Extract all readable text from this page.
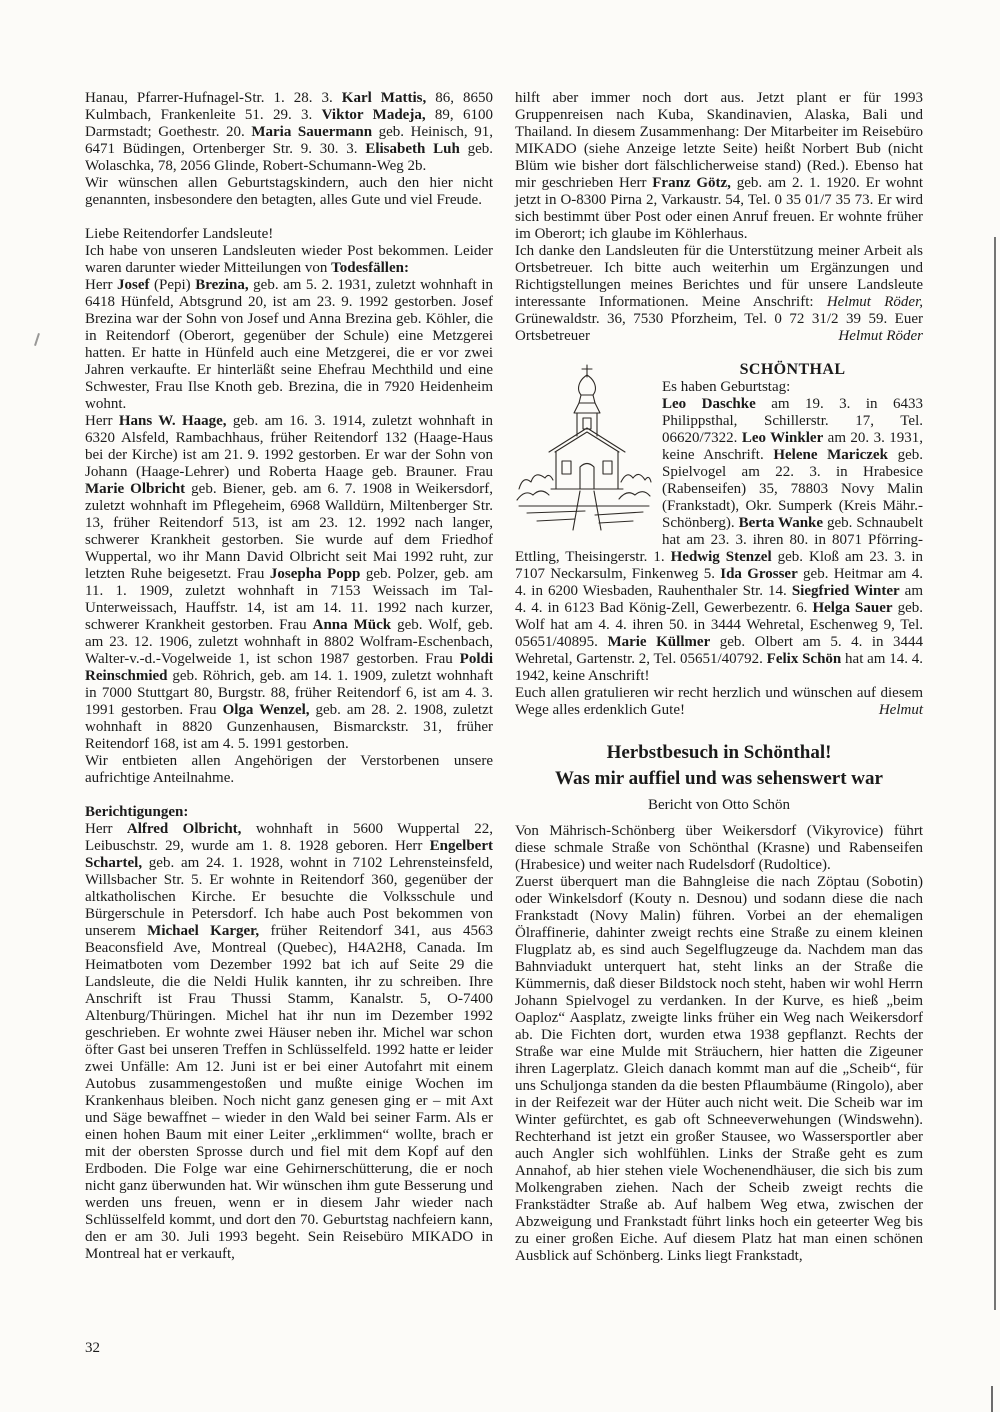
Hanau, Pfarrer-Hufnagel-Str. 1. 28. 3. Karl Mattis, 86, 8650 Kulmbach, Frankenleite 51. 29. 3. Viktor Madeja, 89, 6100 Darmstadt; Goethestr. 20. Maria Sauermann geb. Heinisch, 91, 6471 Büdingen, Ortenberger Str. 9. 30. 3. Elisabeth Luh geb. Wolaschka, 78, 2056 Glinde, Robert-Schumann-Weg 2b.

Wir wünschen allen Geburtstagskindern, auch den hier nicht genannten, insbesondere den betagten, alles Gute und viel Freude.

Liebe Reitendorfer Landsleute!

Ich habe von unseren Landsleuten wieder Post bekommen. Leider waren darunter wieder Mitteilungen von Todesfällen:

Herr Josef (Pepi) Brezina, geb. am 5. 2. 1931, zuletzt wohnhaft in 6418 Hünfeld, Abtsgrund 20, ist am 23. 9. 1992 gestorben. Josef Brezina war der Sohn von Josef und Anna Brezina geb. Köhler, die in Reitendorf (Oberort, gegenüber der Schule) eine Metzgerei hatten. Er hatte in Hünfeld auch eine Metzgerei, die er vor zwei Jahren verkaufte. Er hinterläßt seine Ehefrau Mechthild und eine Schwester, Frau Ilse Knoth geb. Brezina, die in 7920 Heidenheim wohnt.

Herr Hans W. Haage, geb. am 16. 3. 1914, zuletzt wohnhaft in 6320 Alsfeld, Rambachhaus, früher Reitendorf 132 (Haage-Haus bei der Kirche) ist am 21. 9. 1992 gestorben. Er war der Sohn von Johann (Haage-Lehrer) und Roberta Haage geb. Brauner. Frau Marie Olbricht geb. Biener, geb. am 6. 7. 1908 in Weikersdorf, zuletzt wohnhaft im Pflegeheim, 6968 Walldürn, Miltenberger Str. 13, früher Reitendorf 513, ist am 23. 12. 1992 nach langer, schwerer Krankheit gestorben. Sie wurde auf dem Friedhof Wuppertal, wo ihr Mann David Olbricht seit Mai 1992 ruht, zur letzten Ruhe beigesetzt. Frau Josepha Popp geb. Polzer, geb. am 11. 1. 1909, zuletzt wohnhaft in 7153 Weissach im Tal-Unterweissach, Hauffstr. 14, ist am 14. 11. 1992 nach kurzer, schwerer Krankheit gestorben. Frau Anna Mück geb. Wolf, geb. am 23. 12. 1906, zuletzt wohnhaft in 8802 Wolfram-Eschenbach, Walter-v.-d.-Vogelweide 1, ist schon 1987 gestorben. Frau Poldi Reinschmied geb. Röhrich, geb. am 14. 1. 1909, zuletzt wohnhaft in 7000 Stuttgart 80, Burgstr. 88, früher Reitendorf 6, ist am 4. 3. 1991 gestorben. Frau Olga Wenzel, geb. am 28. 2. 1908, zuletzt wohnhaft in 8820 Gunzenhausen, Bismarckstr. 31, früher Reitendorf 168, ist am 4. 5. 1991 gestorben.

Wir entbieten allen Angehörigen der Verstorbenen unsere aufrichtige Anteilnahme.

Berichtigungen:

Herr Alfred Olbricht, wohnhaft in 5600 Wuppertal 22, Leibuschstr. 29, wurde am 1. 8. 1928 geboren. Herr Engelbert Schartel, geb. am 24. 1. 1928, wohnt in 7102 Lehrensteinsfeld, Willsbacher Str. 5. Er wohnte in Reitendorf 360, gegenüber der altkatholischen Kirche. Er besuchte die Volksschule und Bürgerschule in Petersdorf. Ich habe auch Post bekommen von unserem Michael Karger, früher Reitendorf 341, aus 4563 Beaconsfield Ave, Montreal (Quebec), H4A2H8, Canada. Im Heimatboten vom Dezember 1992 bat ich auf Seite 29 die Landsleute, die die Neldi Hulik kannten, ihr zu schreiben. Ihre Anschrift ist Frau Thussi Stamm, Kanalstr. 5, O-7400 Altenburg/Thüringen. Michel hat ihr nun im Dezember 1992 geschrieben. Er wohnte zwei Häuser neben ihr. Michel war schon öfter Gast bei unseren Treffen in Schlüsselfeld. 1992 hatte er leider zwei Unfälle: Am 12. Juni ist er bei einer Autofahrt mit einem Autobus zusammengestoßen und mußte einige Wochen im Krankenhaus bleiben. Noch nicht ganz genesen ging er – mit Axt und Säge bewaffnet – wieder in den Wald bei seiner Farm. Als er einen hohen Baum mit einer Leiter „erklimmen“ wollte, brach er mit der obersten Sprosse durch und fiel mit dem Kopf auf den Erdboden. Die Folge war eine Gehirnerschütterung, die er noch nicht ganz überwunden hat. Wir wünschen ihm gute Besserung und werden uns freuen, wenn er in diesem Jahr wieder nach Schlüsselfeld kommt, und dort den 70. Geburtstag nachfeiern kann, den er am 30. Juli 1993 begeht. Sein Reisebüro MIKADO in Montreal hat er verkauft,

hilft aber immer noch dort aus. Jetzt plant er für 1993 Gruppenreisen nach Kuba, Skandinavien, Alaska, Bali und Thailand. In diesem Zusammenhang: Der Mitarbeiter im Reisebüro MIKADO (siehe Anzeige letzte Seite) heißt Norbert Bub (nicht Blüm wie bisher dort fälschlicherweise stand) (Red.). Ebenso hat mir geschrieben Herr Franz Götz, geb. am 2. 1. 1920. Er wohnt jetzt in O-8300 Pirna 2, Varkaustr. 54, Tel. 0 35 01/7 35 73. Er wird sich bestimmt über Post oder einen Anruf freuen. Er wohnte früher im Oberort; ich glaube im Köhlerhaus.

Ich danke den Landsleuten für die Unterstützung meiner Arbeit als Ortsbetreuer. Ich bitte auch weiterhin um Ergänzungen und Richtigstellungen meines Berichtes und für unsere Landsleute interessante Informationen. Meine Anschrift: Helmut Röder, Grünewaldstr. 36, 7530 Pforzheim, Tel. 0 72 31/2 39 59. Euer Ortsbetreuer	Helmut Röder

SCHÖNTHAL

Es haben Geburtstag:

Leo Daschke am 19. 3. in 6433 Philippsthal, Schillerstr. 17, Tel. 06620/7322. Leo Winkler am 20. 3. 1931, keine Anschrift. Helene Mariczek geb. Spielvogel am 22. 3. in Hrabesice (Rabenseifen) 35, 78803 Novy Malin (Frankstadt), Okr. Sumperk (Kreis Mähr.-Schönberg). Berta Wanke geb. Schnaubelt hat am 23. 3. ihren 80. in 8071 Pförring-Ettling, Theisingerstr. 1. Hedwig Stenzel geb. Kloß am 23. 3. in 7107 Neckarsulm, Finkenweg 5. Ida Grosser geb. Heitmar am 4. 4. in 6200 Wiesbaden, Rauhenthaler Str. 14. Siegfried Winter am 4. 4. in 6123 Bad König-Zell, Gewerbezentr. 6. Helga Sauer geb. Wolf hat am 4. 4. ihren 50. in 3444 Wehretal, Eschenweg 9, Tel. 05651/40895. Marie Küllmer geb. Olbert am 5. 4. in 3444 Wehretal, Gartenstr. 2, Tel. 05651/40792. Felix Schön hat am 14. 4. 1942, keine Anschrift!

Euch allen gratulieren wir recht herzlich und wünschen auf diesem Wege alles erdenklich Gute!	Helmut

Herbstbesuch in Schönthal!

Was mir auffiel und was sehenswert war

Bericht von Otto Schön

Von Mährisch-Schönberg über Weikersdorf (Vikyrovice) führt diese schmale Straße von Schönthal (Krasne) und Rabenseifen (Hrabesice) und weiter nach Rudelsdorf (Rudoltice).

Zuerst überquert man die Bahngleise die nach Zöptau (Sobotin) oder Winkelsdorf (Kouty n. Desnou) und sodann diese die nach Frankstadt (Novy Malin) führen. Vorbei an der ehemaligen Ölraffinerie, dahinter zweigt rechts eine Straße zu einem kleinen Flugplatz ab, es sind auch Segelflugzeuge da. Nachdem man das Bahnviadukt unterquert hat, steht links an der Straße die Kümmernis, daß dieser Bildstock noch steht, haben wir wohl Herrn Johann Spielvogel zu verdanken. In der Kurve, es hieß „beim Oaploz“ Aasplatz, zweigte links früher ein Weg nach Weikersdorf ab. Die Fichten dort, wurden etwa 1938 gepflanzt. Rechts der Straße war eine Mulde mit Sträuchern, hier hatten die Zigeuner ihren Lagerplatz. Gleich danach kommt man auf die „Scheib“, für uns Schuljonga standen da die besten Pflaumbäume (Ringolo), aber in der Reifezeit war der Hüter auch nicht weit. Die Scheib war im Winter gefürchtet, es gab oft Schneeverwehungen (Windswehn). Rechterhand ist jetzt ein großer Stausee, wo Wassersportler aber auch Angler sich wohlfühlen. Links der Straße geht es zum Annahof, ab hier stehen viele Wochenendhäuser, die sich bis zum Molkengraben ziehen. Nach der Scheib zweigt rechts die Frankstädter Straße ab. Auf halbem Weg etwa, zwischen der Abzweigung und Frankstadt führt links hoch ein geteerter Weg bis zu einer großen Eiche. Auf diesem Platz hat man einen schönen Ausblick auf Schönberg. Links liegt Frankstadt,

32
